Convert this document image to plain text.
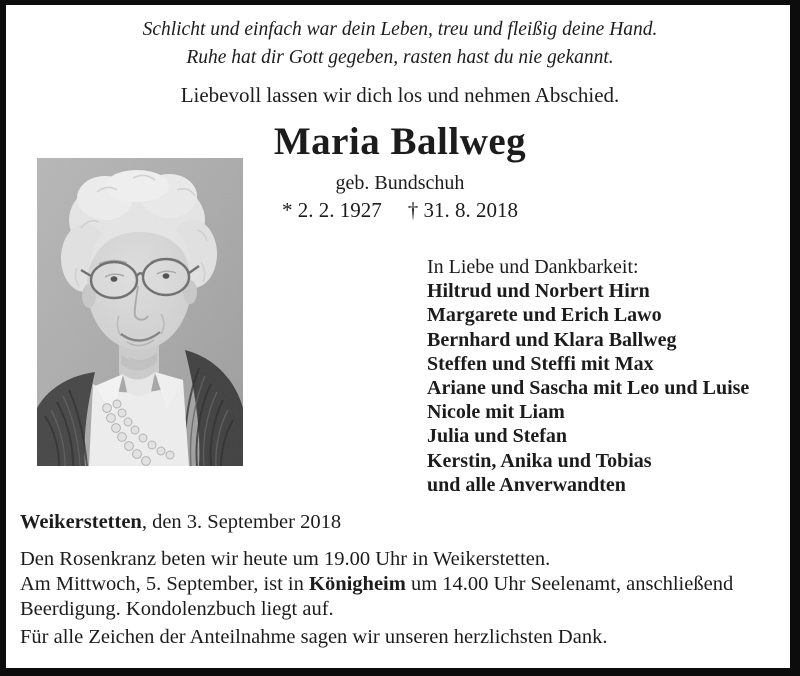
Schlicht und einfach war dein Leben, treu und fleißig deine Hand.
Ruhe hat dir Gott gegeben, rasten hast du nie gekannt.
Liebevoll lassen wir dich los und nehmen Abschied.
Maria Ballweg
geb. Bundschuh
* 2. 2. 1927 † 31. 8. 2018
In Liebe und Dankbarkeit:
Hiltrud und Norbert Hirn
Margarete und Erich Lawo
Bernhard und Klara Ballweg
Steffen und Steffi mit Max
Ariane und Sascha mit Leo und Luise
Nicole mit Liam
Julia und Stefan
Kerstin, Anika und Tobias
und alle Anverwandten
Weikerstetten, den 3. September 2018
Den Rosenkranz beten wir heute um 19.00 Uhr in Weikerstetten.
Am Mittwoch, 5. September, ist in Königheim um 14.00 Uhr Seelenamt, anschließend
Beerdigung. Kondolenzbuch liegt auf.
Für alle Zeichen der Anteilnahme sagen wir unseren herzlichsten Dank.
